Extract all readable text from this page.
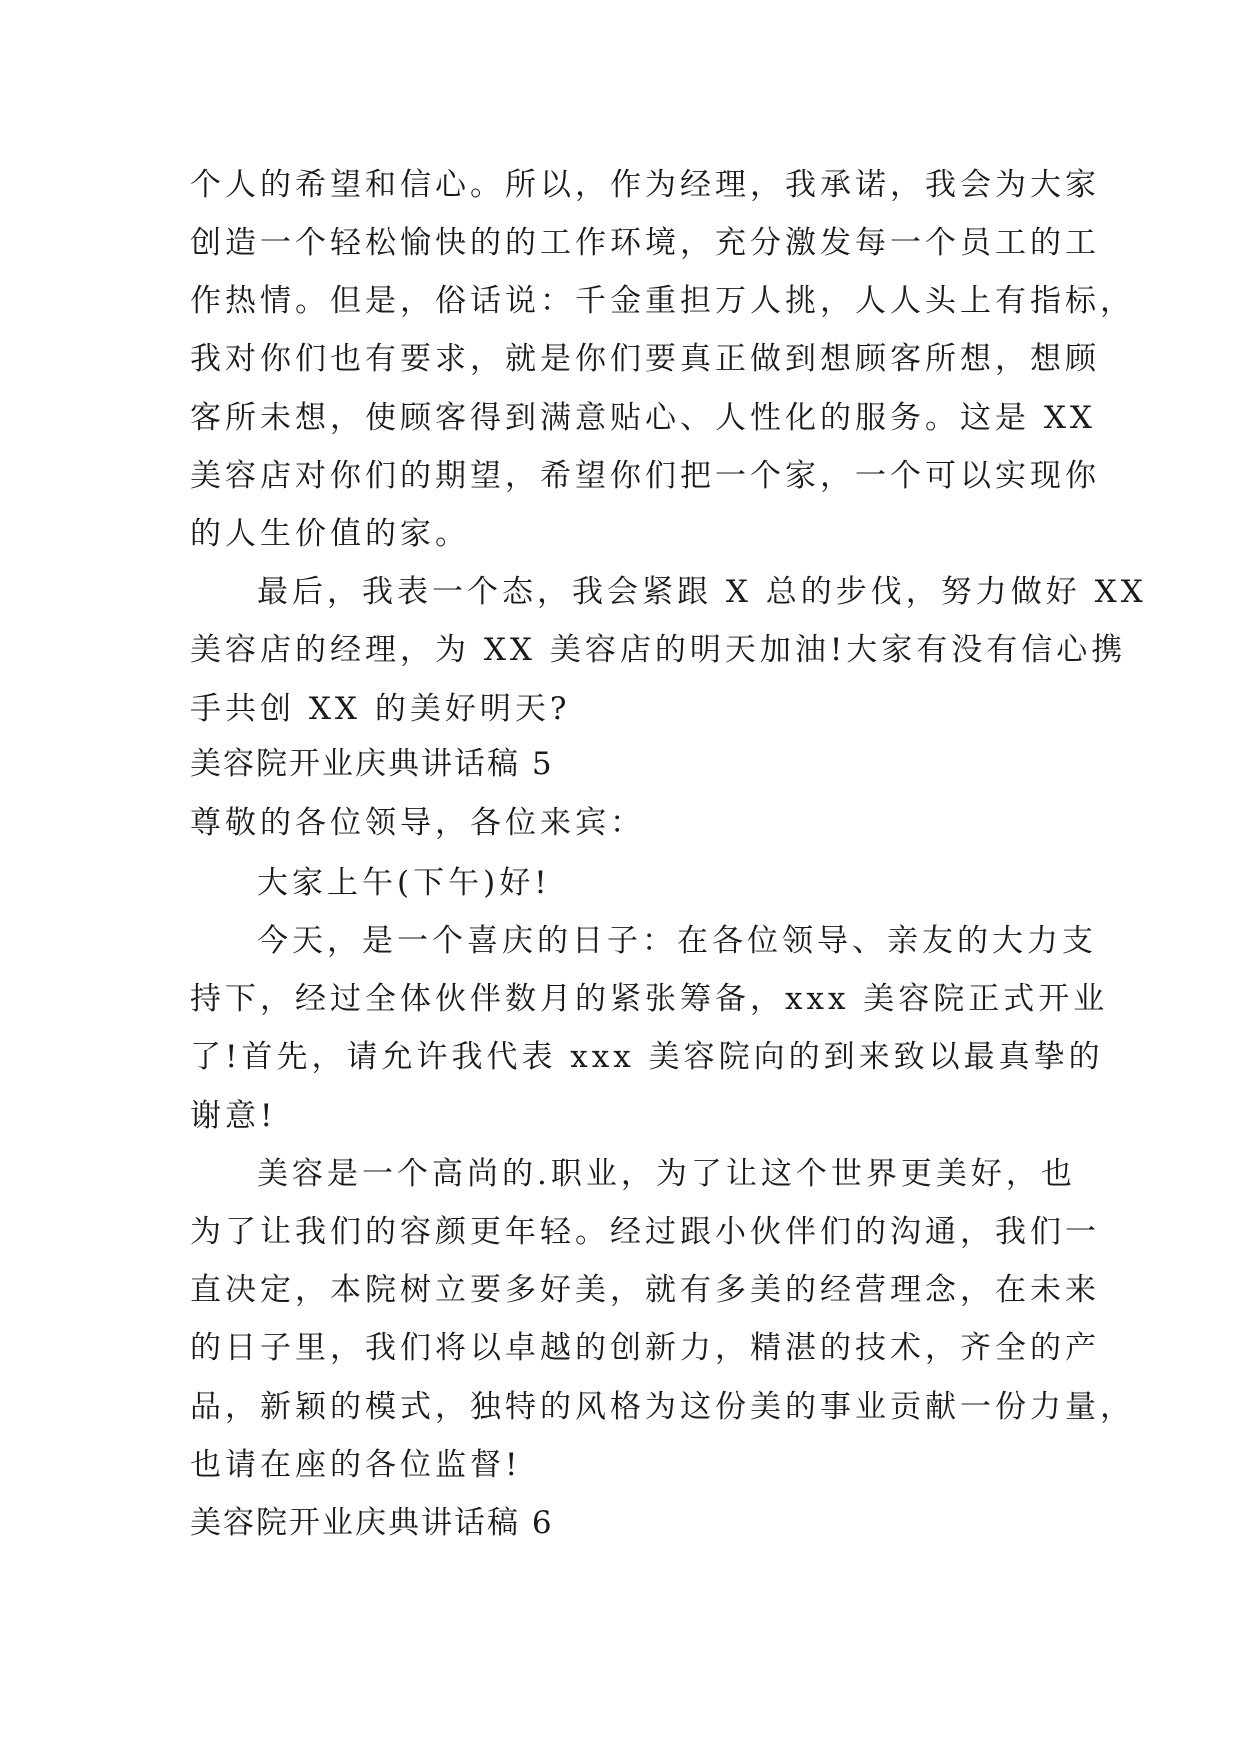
个人的希望和信心。所以，作为经理，我承诺，我会为大家
创造一个轻松愉快的的工作环境，充分激发每一个员工的工
作热情。但是，俗话说：千金重担万人挑，人人头上有指标，
我对你们也有要求，就是你们要真正做到想顾客所想，想顾
客所未想，使顾客得到满意贴心、人性化的服务。这是 XX
美容店对你们的期望，希望你们把一个家，一个可以实现你
的人生价值的家。
最后，我表一个态，我会紧跟 X 总的步伐，努力做好 XX
美容店的经理，为 XX 美容店的明天加油!大家有没有信心携
手共创 XX 的美好明天?
美容院开业庆典讲话稿 5
尊敬的各位领导，各位来宾：
大家上午(下午)好!
今天，是一个喜庆的日子：在各位领导、亲友的大力支
持下，经过全体伙伴数月的紧张筹备，xxx 美容院正式开业
了!首先，请允许我代表 xxx 美容院向的到来致以最真挚的
谢意!
美容是一个高尚的.职业，为了让这个世界更美好，也
为了让我们的容颜更年轻。经过跟小伙伴们的沟通，我们一
直决定，本院树立要多好美，就有多美的经营理念，在未来
的日子里，我们将以卓越的创新力，精湛的技术，齐全的产
品，新颖的模式，独特的风格为这份美的事业贡献一份力量，
也请在座的各位监督!
美容院开业庆典讲话稿 6
